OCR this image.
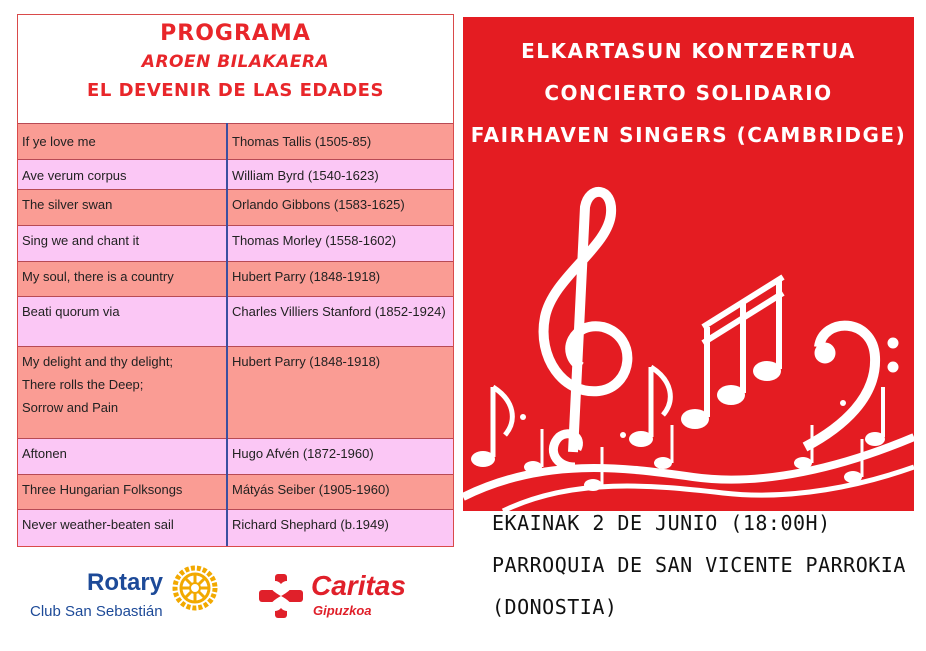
PROGRAMA
AROEN BILAKAERA
EL DEVENIR DE LAS EDADES
If ye love me	Thomas Tallis (1505-85)
Ave verum corpus	William Byrd (1540-1623)
The silver swan	Orlando Gibbons (1583-1625)
Sing we and chant it	Thomas Morley (1558-1602)
My soul, there is a country	Hubert Parry (1848-1918)
Beati quorum via	Charles Villiers Stanford (1852-1924)

My delight and thy delight;
There rolls the Deep;
Sorrow and Pain	Hubert Parry (1848-1918)
Aftonen	Hugo Afvén (1872-1960)
Three Hungarian Folksongs	Mátyás Seiber (1905-1960)
Never weather-beaten sail	Richard Shephard (b.1949)
ELKARTASUN KONTZERTUA
CONCIERTO SOLIDARIO
FAIRHAVEN SINGERS (CAMBRIDGE)
EKAINAK 2 DE JUNIO (18:00H)
PARROQUIA DE SAN VICENTE PARROKIA
(DONOSTIA)
Rotary
Club San Sebastián
Caritas
Gipuzkoa
